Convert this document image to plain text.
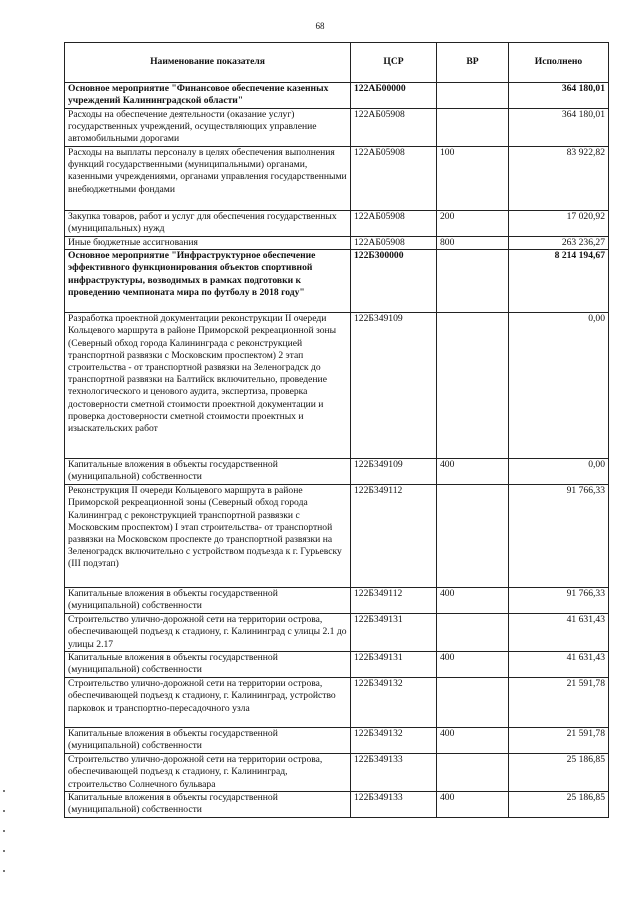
68
Наименование показателя	ЦСР	ВР	Исполнено
Основное мероприятие "Финансовое обеспечение казенных учреждений Калининградской области"	122АБ00000		364 180,01
Расходы на обеспечение деятельности (оказание услуг) государственных учреждений, осуществляющих управление автомобильными дорогами	122АБ05908		364 180,01
Расходы на выплаты персоналу в целях обеспечения выполнения функций государственными (муниципальными) органами, казенными учреждениями, органами управления государственными внебюджетными фондами	122АБ05908	100	83 922,82
Закупка товаров, работ и услуг для обеспечения государственных (муниципальных) нужд	122АБ05908	200	17 020,92
Иные бюджетные ассигнования	122АБ05908	800	263 236,27
Основное мероприятие "Инфраструктурное обеспечение эффективного функционирования объектов спортивной инфраструктуры, возводимых в рамках подготовки к проведению чемпионата мира по футболу в 2018 году"	122Б300000		8 214 194,67
Разработка проектной документации реконструкции II очереди Кольцевого маршрута в районе Приморской рекреационной зоны (Северный обход города Калининграда с реконструкцией транспортной развязки с Московским проспектом) 2 этап строительства - от транспортной развязки на Зеленоградск до транспортной развязки на Балтийск включительно, проведение технологического и ценового аудита, экспертиза, проверка достоверности сметной стоимости проектной документации и проверка достоверности сметной стоимости проектных и изыскательских работ	122Б349109		0,00
Капитальные вложения в объекты государственной (муниципальной) собственности	122Б349109	400	0,00
Реконструкция II очереди Кольцевого маршрута в районе Приморской рекреационной зоны (Северный обход города Калининград с реконструкцией транспортной развязки с Московским проспектом) I этап строительства- от транспортной развязки на Московском проспекте до транспортной развязки на Зеленоградск включительно с устройством подъезда к г. Гурьевску (III подэтап)	122Б349112		91 766,33
Капитальные вложения в объекты государственной (муниципальной) собственности	122Б349112	400	91 766,33
Строительство улично-дорожной сети на территории острова, обеспечивающей подъезд к стадиону, г. Калининград с улицы 2.1 до улицы 2.17	122Б349131		41 631,43
Капитальные вложения в объекты государственной (муниципальной) собственности	122Б349131	400	41 631,43
Строительство улично-дорожной сети на территории острова, обеспечивающей подъезд к стадиону, г. Калининград, устройство парковок и транспортно-пересадочного узла	122Б349132		21 591,78
Капитальные вложения в объекты государственной (муниципальной) собственности	122Б349132	400	21 591,78
Строительство улично-дорожной сети на территории острова, обеспечивающей подъезд к стадиону, г. Калининград, строительство Солнечного бульвара	122Б349133		25 186,85
Капитальные вложения в объекты государственной (муниципальной) собственности	122Б349133	400	25 186,85
